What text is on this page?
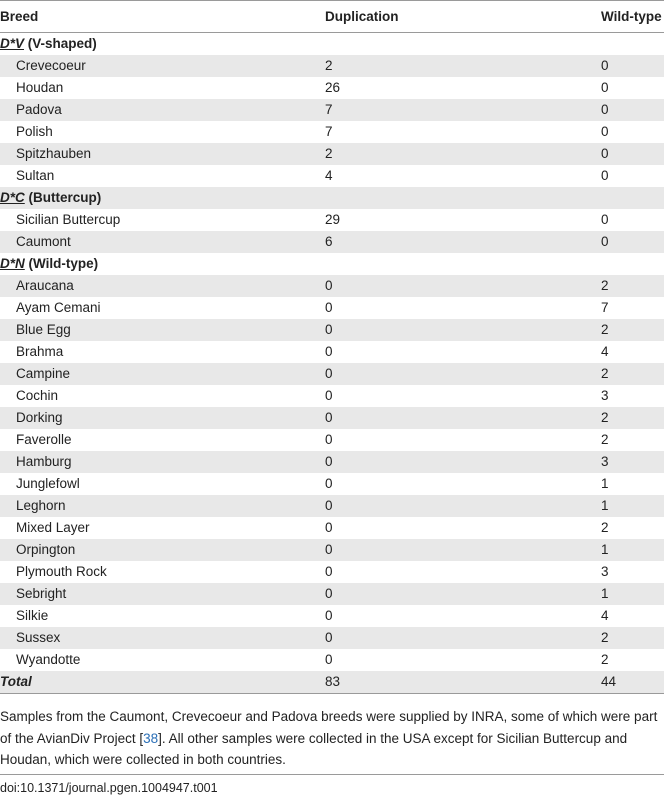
Breed	Duplication	Wild-type
D*V (V-shaped)
Crevecoeur	2	0
Houdan	26	0
Padova	7	0
Polish	7	0
Spitzhauben	2	0
Sultan	4	0
D*C (Buttercup)
Sicilian Buttercup	29	0
Caumont	6	0
D*N (Wild-type)
Araucana	0	2
Ayam Cemani	0	7
Blue Egg	0	2
Brahma	0	4
Campine	0	2
Cochin	0	3
Dorking	0	2
Faverolle	0	2
Hamburg	0	3
Junglefowl	0	1
Leghorn	0	1
Mixed Layer	0	2
Orpington	0	1
Plymouth Rock	0	3
Sebright	0	1
Silkie	0	4
Sussex	0	2
Wyandotte	0	2
Total	83	44
Samples from the Caumont, Crevecoeur and Padova breeds were supplied by INRA, some of which were part of the AvianDiv Project [38]. All other samples were collected in the USA except for Sicilian Buttercup and Houdan, which were collected in both countries.
doi:10.1371/journal.pgen.1004947.t001
